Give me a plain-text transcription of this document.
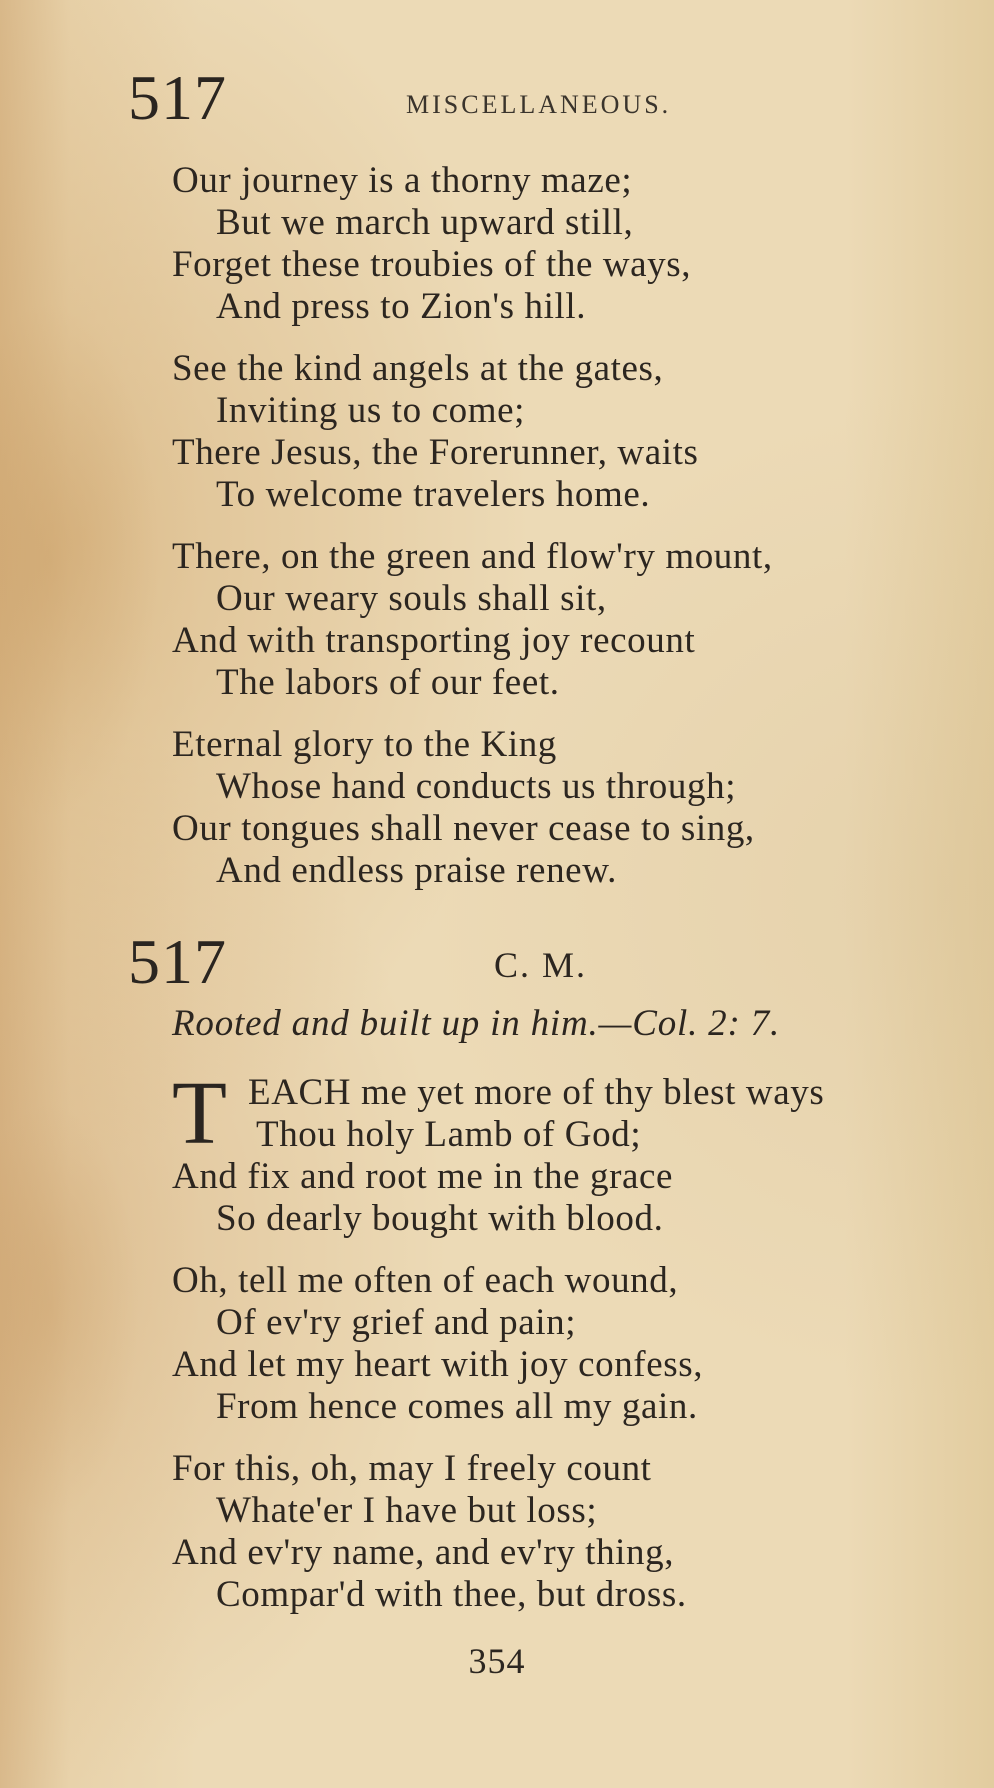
517	MISCELLANEOUS.
Our journey is a thorny maze;
But we march upward still,
Forget these troubies of the ways,
And press to Zion's hill.
See the kind angels at the gates,
Inviting us to come;
There Jesus, the Forerunner, waits
To welcome travelers home.
There, on the green and flow'ry mount,
Our weary souls shall sit,
And with transporting joy recount
The labors of our feet.
Eternal glory to the King
Whose hand conducts us through;
Our tongues shall never cease to sing,
And endless praise renew.
517	C. M.
Rooted and built up in him.—Col. 2: 7.
T EACH me yet more of thy blest ways
Thou holy Lamb of God;
And fix and root me in the grace
So dearly bought with blood.
Oh, tell me often of each wound,
Of ev'ry grief and pain;
And let my heart with joy confess,
From hence comes all my gain.
For this, oh, may I freely count
Whate'er I have but loss;
And ev'ry name, and ev'ry thing,
Compar'd with thee, but dross.
354
